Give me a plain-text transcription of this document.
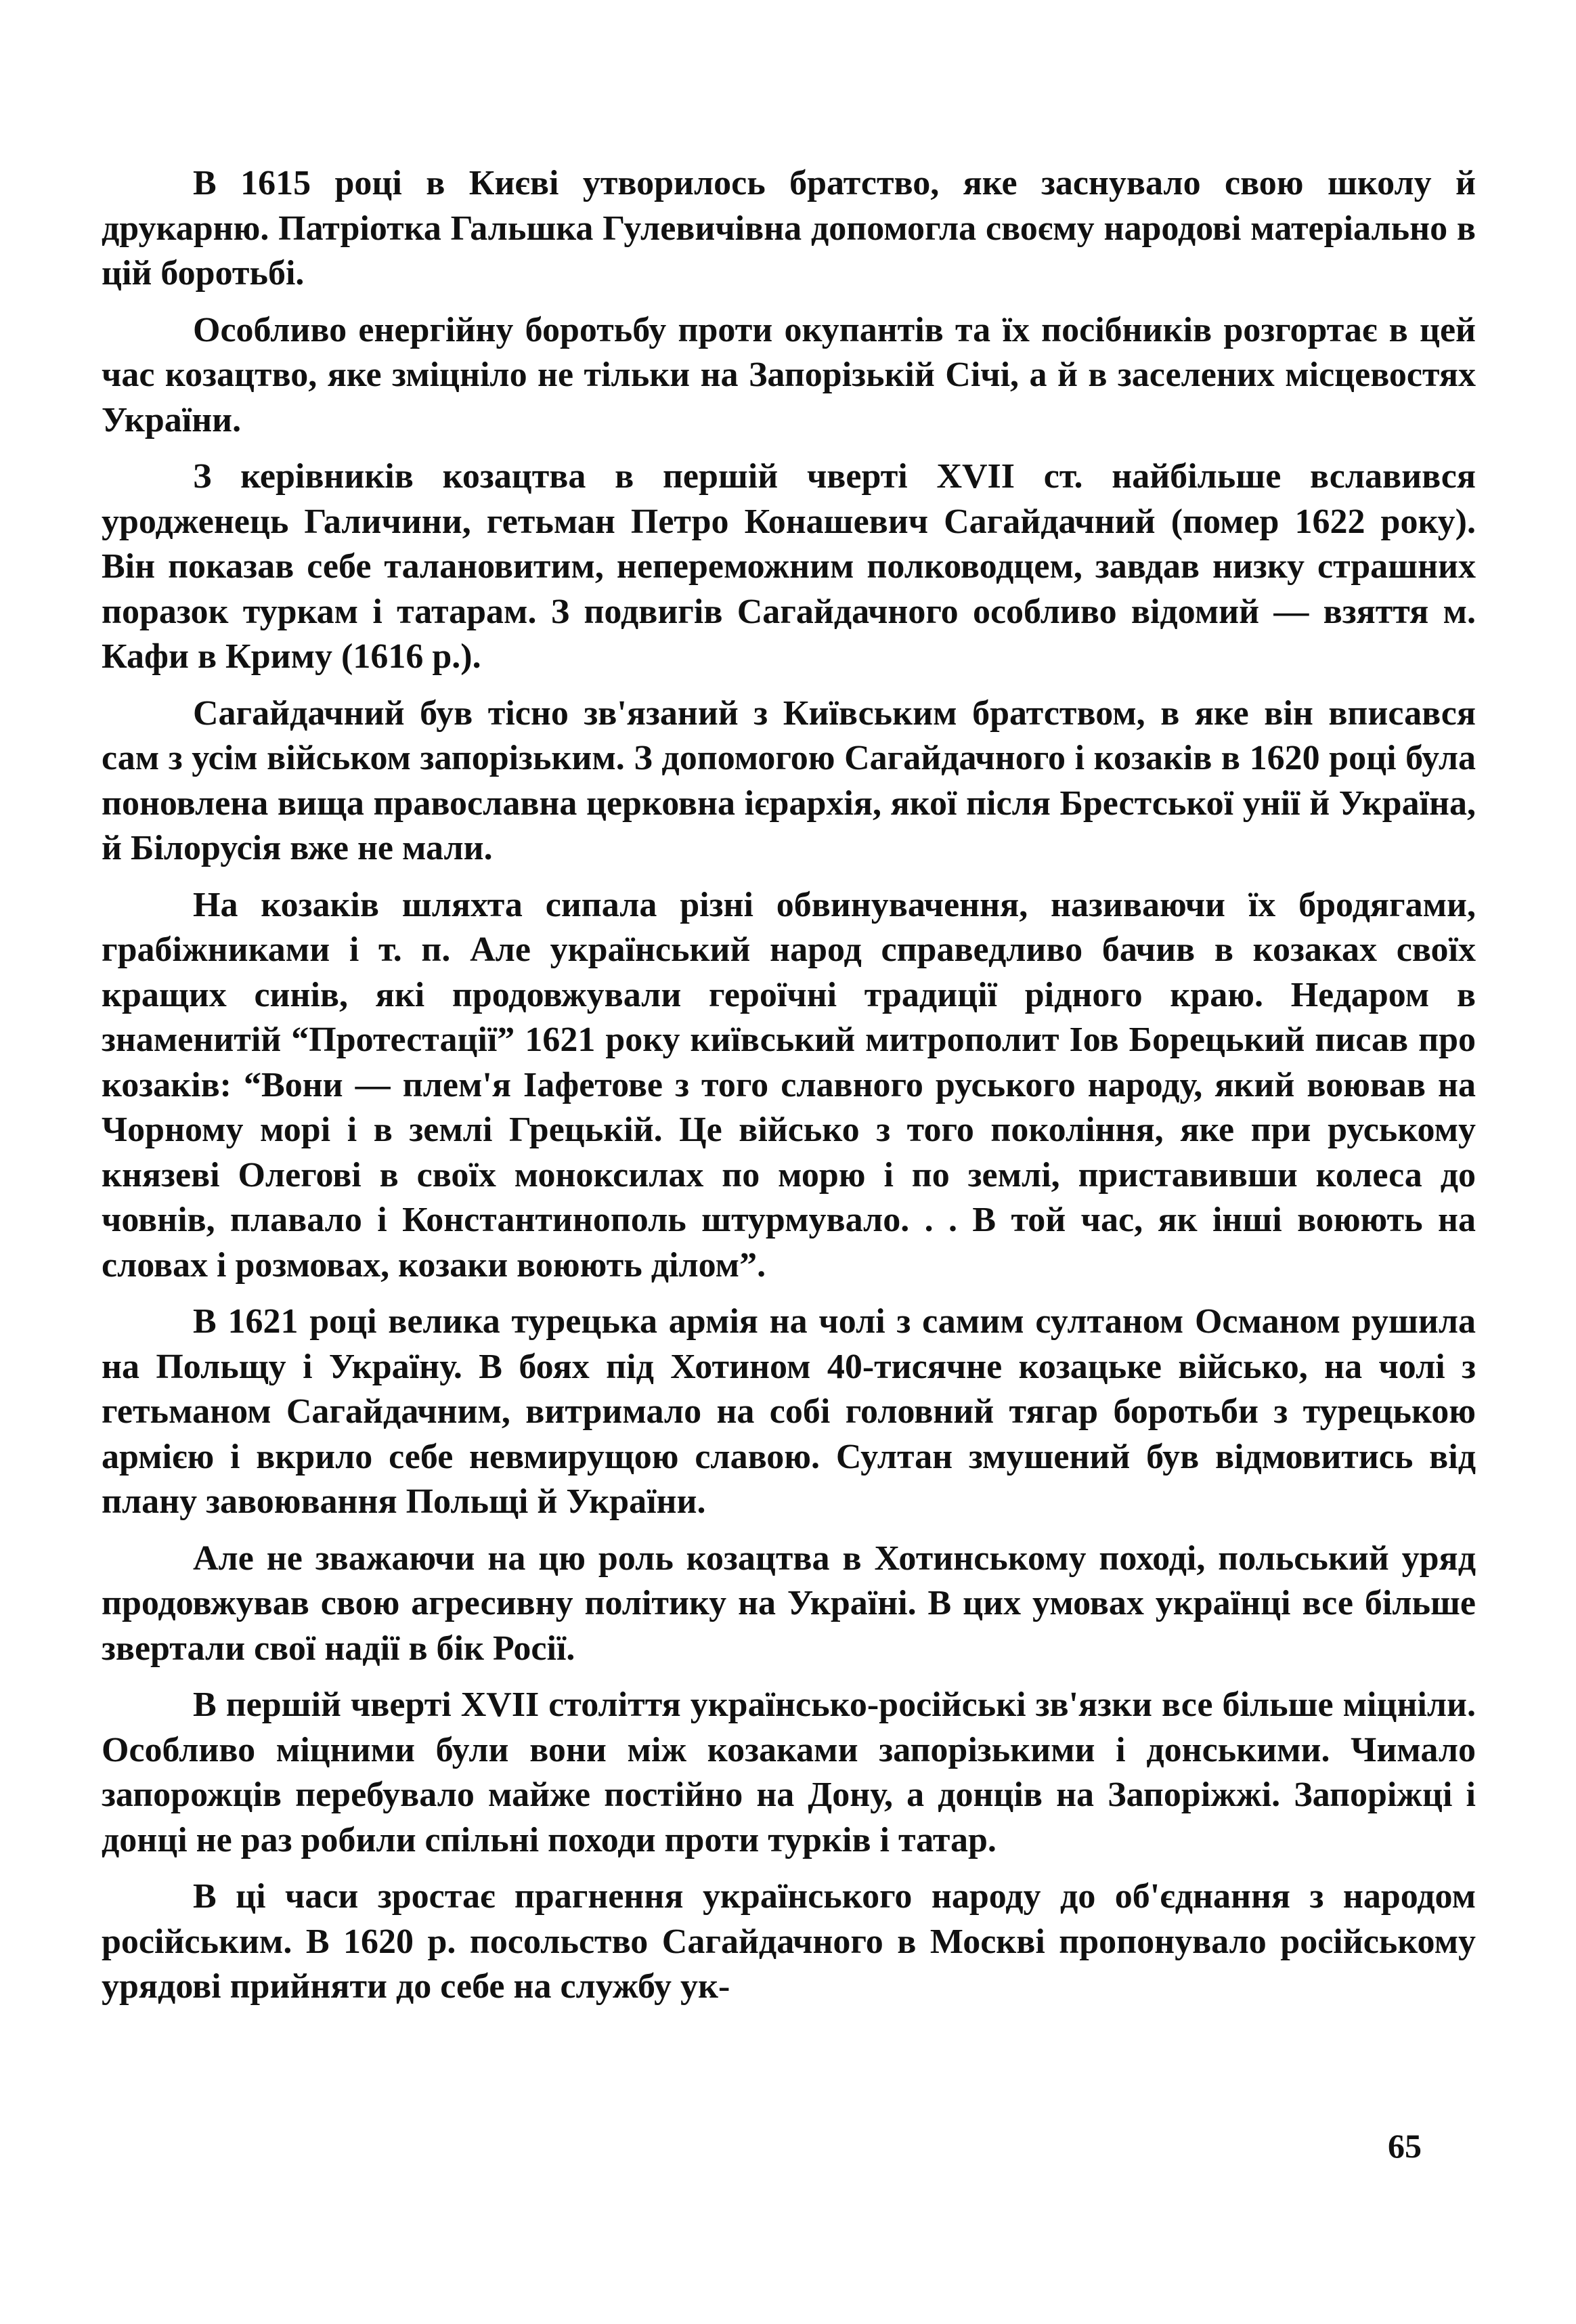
В 1615 році в Києві утворилось братство, яке заснувало свою школу й друкарню. Патріотка Гальшка Гулевичівна допомогла своєму народові матеріально в цій боротьбі.

Особливо енергійну боротьбу проти окупантів та їх посібників розгортає в цей час козацтво, яке зміцніло не тільки на Запорізькій Січі, а й в заселених місцевостях України.

З керівників козацтва в першій чверті XVII ст. найбільше вславився уродженець Галичини, гетьман Петро Конашевич Сагайдачний (помер 1622 року). Він показав себе талановитим, непереможним полководцем, завдав низку страшних поразок туркам і татарам. З подвигів Сагайдачного особливо відомий — взяття м. Кафи в Криму (1616 р.).

Сагайдачний був тісно зв'язаний з Київським братством, в яке він вписався сам з усім військом запорізьким. З допомогою Сагайдачного і козаків в 1620 році була поновлена вища православна церковна ієрархія, якої після Брестської унії й Україна, й Білорусія вже не мали.

На козаків шляхта сипала різні обвинувачення, називаючи їх бродягами, грабіжниками і т. п. Але український народ справедливо бачив в козаках своїх кращих синів, які продовжували героїчні традиції рідного краю. Недаром в знаменитій “Протестації” 1621 року київський митрополит Іов Борецький писав про козаків: “Вони — плем'я Іафетове з того славного руського народу, який воював на Чорному морі і в землі Грецькій. Це військо з того покоління, яке при руському князеві Олегові в своїх моноксилах по морю і по землі, приставивши колеса до човнів, плавало і Константинополь штурмувало. . . В той час, як інші воюють на словах і розмовах, козаки воюють ділом”.

В 1621 році велика турецька армія на чолі з самим султаном Османом рушила на Польщу і Україну. В боях під Хотином 40-тисячне козацьке військо, на чолі з гетьманом Сагайдачним, витримало на собі головний тягар боротьби з турецькою армією і вкрило себе невмирущою славою. Султан змушений був відмовитись від плану завоювання Польщі й України.

Але не зважаючи на цю роль козацтва в Хотинському поході, польський уряд продовжував свою агресивну політику на Україні. В цих умовах українці все більше звертали свої надії в бік Росії.

В першій чверті XVII століття українсько-російські зв'язки все більше міцніли. Особливо міцними були вони між козаками запорізькими і донськими. Чимало запорожців перебувало майже постійно на Дону, а донців на Запоріжжі. Запоріжці і донці не раз робили спільні походи проти турків і татар.

В ці часи зростає прагнення українського народу до об'єднання з народом російським. В 1620 р. посольство Сагайдачного в Москві пропонувало російському урядові прийняти до себе на службу ук-

65
